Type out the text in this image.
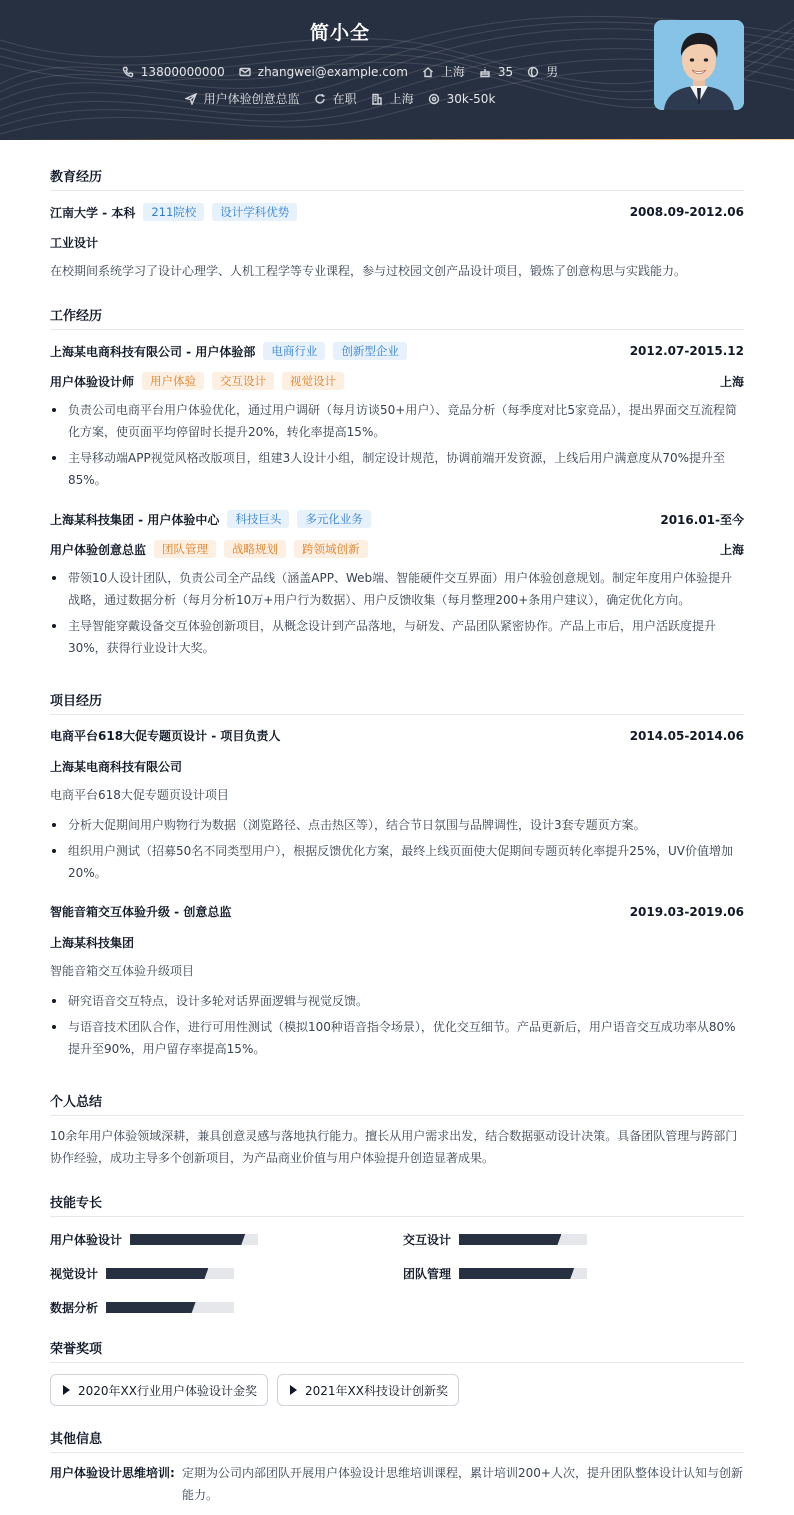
简小全
13800000000	zhangwei@example.com	上海	35	男
用户体验创意总监	在职	上海	30k-50k
教育经历
江南大学 - 本科	211院校	设计学科优势	2008.09-2012.06
工业设计
在校期间系统学习了设计心理学、人机工程学等专业课程，参与过校园文创产品设计项目，锻炼了创意构思与实践能力。
工作经历
上海某电商科技有限公司 - 用户体验部	电商行业	创新型企业	2012.07-2015.12
用户体验设计师	用户体验	交互设计	视觉设计	上海
负责公司电商平台用户体验优化，通过用户调研（每月访谈50+用户）、竞品分析（每季度对比5家竞品），提出界面交互流程简化方案，使页面平均停留时长提升20%，转化率提高15%。
主导移动端APP视觉风格改版项目，组建3人设计小组，制定设计规范，协调前端开发资源，上线后用户满意度从70%提升至85%。
上海某科技集团 - 用户体验中心	科技巨头	多元化业务	2016.01-至今
用户体验创意总监	团队管理	战略规划	跨领域创新	上海
带领10人设计团队，负责公司全产品线（涵盖APP、Web端、智能硬件交互界面）用户体验创意规划。制定年度用户体验提升战略，通过数据分析（每月分析10万+用户行为数据）、用户反馈收集（每月整理200+条用户建议），确定优化方向。
主导智能穿戴设备交互体验创新项目，从概念设计到产品落地，与研发、产品团队紧密协作。产品上市后，用户活跃度提升30%，获得行业设计大奖。
项目经历
电商平台618大促专题页设计 - 项目负责人	2014.05-2014.06
上海某电商科技有限公司
电商平台618大促专题页设计项目
分析大促期间用户购物行为数据（浏览路径、点击热区等），结合节日氛围与品牌调性，设计3套专题页方案。
组织用户测试（招募50名不同类型用户），根据反馈优化方案，最终上线页面使大促期间专题页转化率提升25%，UV价值增加20%。
智能音箱交互体验升级 - 创意总监	2019.03-2019.06
上海某科技集团
智能音箱交互体验升级项目
研究语音交互特点，设计多轮对话界面逻辑与视觉反馈。
与语音技术团队合作，进行可用性测试（模拟100种语音指令场景），优化交互细节。产品更新后，用户语音交互成功率从80%提升至90%，用户留存率提高15%。
个人总结
10余年用户体验领域深耕，兼具创意灵感与落地执行能力。擅长从用户需求出发，结合数据驱动设计决策。具备团队管理与跨部门协作经验，成功主导多个创新项目，为产品商业价值与用户体验提升创造显著成果。
技能专长
用户体验设计	交互设计
视觉设计	团队管理
数据分析
荣誉奖项
2020年XX行业用户体验设计金奖	2021年XX科技设计创新奖
其他信息
用户体验设计思维培训: 定期为公司内部团队开展用户体验设计思维培训课程，累计培训200+人次，提升团队整体设计认知与创新能力。
